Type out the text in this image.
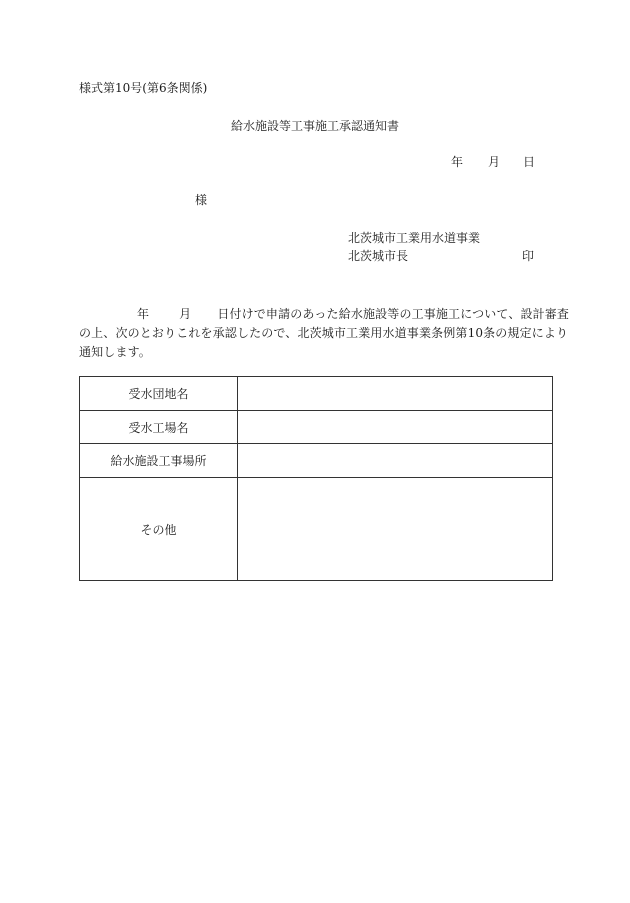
様式第10号(第6条関係)
給水施設等工事施工承認通知書
年 月 日
様
北茨城市工業用水道事業
北茨城市長	印
年	月 日付けで申請のあった給水施設等の工事施工について、設計審査
の上、次のとおりこれを承認したので、北茨城市工業用水道事業条例第10条の規定により
通知します。
受水団地名	
受水工場名	
給水施設工事場所	
その他	
